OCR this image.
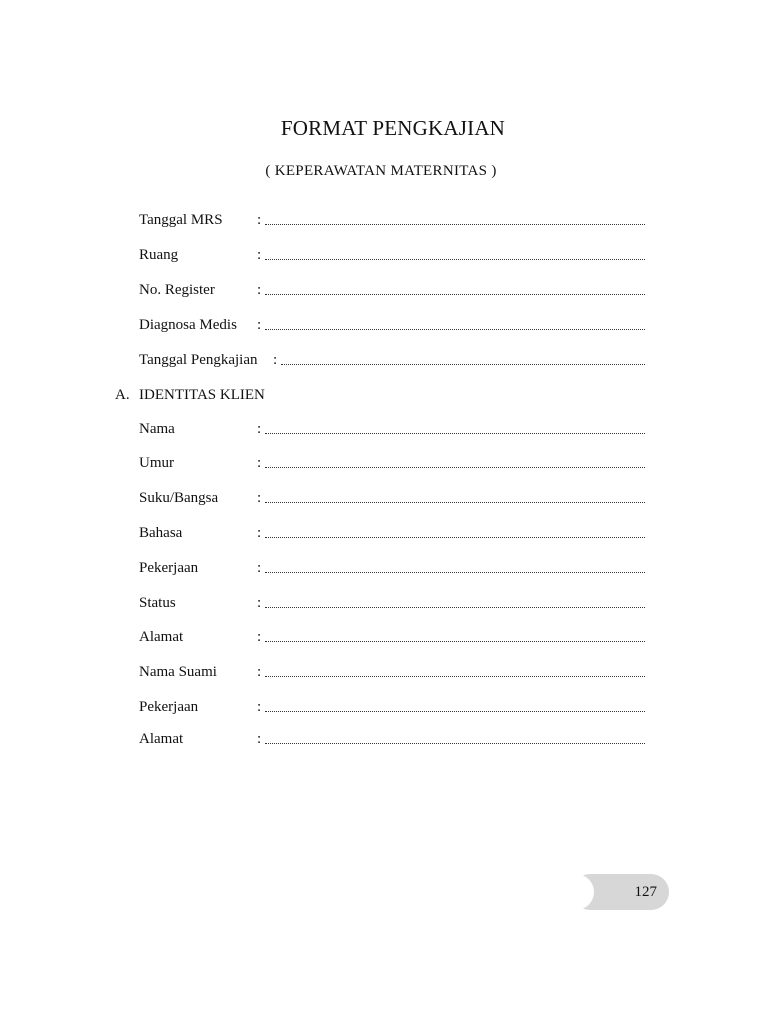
FORMAT PENGKAJIAN

( KEPERAWATAN MATERNITAS )

Tanggal MRS :
Ruang	:
No. Register	:
Diagnosa Medis :
Tanggal Pengkajian :
A. IDENTITAS KLIEN
Nama	:
Umur	:
Suku/Bangsa	:
Bahasa	:
Pekerjaan	:
Status	:
Alamat	:
Nama Suami	:
Pekerjaan	:
Alamat	:
127
